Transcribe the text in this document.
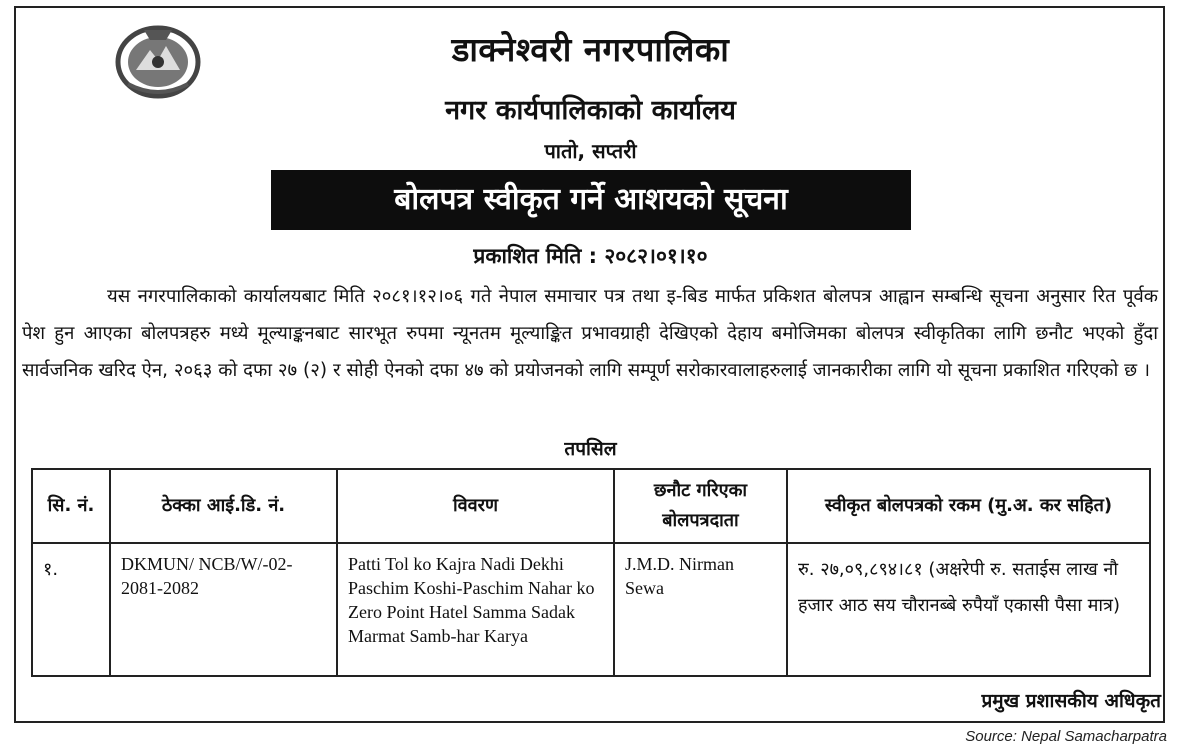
डाक्नेश्वरी नगरपालिका
नगर कार्यपालिकाको कार्यालय
पातो, सप्तरी
बोलपत्र स्वीकृत गर्ने आशयको सूचना
प्रकाशित मिति : २०८२।०१।१०
यस नगरपालिकाको कार्यालयबाट मिति २०८१।१२।०६ गते नेपाल समाचार पत्र तथा इ-बिड मार्फत प्रकिशत बोलपत्र आह्वान सम्बन्धि सूचना अनुसार रित पूर्वक पेश हुन आएका बोलपत्रहरु मध्ये मूल्याङ्कनबाट सारभूत रुपमा न्यूनतम मूल्याङ्कित प्रभावग्राही देखिएको देहाय बमोजिमका बोलपत्र स्वीकृतिका लागि छनौट भएको हुँदा सार्वजनिक खरिद ऐन, २०६३ को दफा २७ (२) र सोही ऐनको दफा ४७ को प्रयोजनको लागि सम्पूर्ण सरोकारवालाहरुलाई जानकारीका लागि यो सूचना प्रकाशित गरिएको छ ।
तपसिल
सि. नं.	ठेक्का आई.डि. नं.	विवरण	छनौट गरिएका बोलपत्रदाता	स्वीकृत बोलपत्रको रकम (मु.अ. कर सहित)
१.	DKMUN/ NCB/W/-02-2081-2082	Patti Tol ko Kajra Nadi Dekhi Paschim Koshi-Paschim Nahar ko Zero Point Hatel Samma Sadak Marmat Samb-har Karya	J.M.D. Nirman Sewa	रु. २७,०९,८९४।८१ (अक्षरेपी रु. सताईस लाख नौ हजार आठ सय चौरानब्बे रुपैयाँ एकासी पैसा मात्र)
प्रमुख प्रशासकीय अधिकृत
Source: Nepal Samacharpatra
